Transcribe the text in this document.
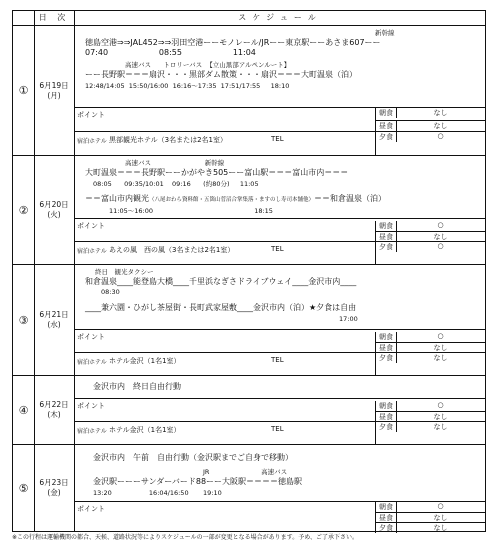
日 次	スケジュール
①	6月19日
(月)
新幹線
徳島空港⇒⇒JAL452⇒⇒羽田空港ーーモノレール/JRーー東京駅ーーあさま607ーー
07:40                    08:55                    11:04
高速バス      トロリーバス  【立山黒部アルペンルート】
ーー長野駅＝＝＝扇沢・・・黒部ダム散策・・・扇沢＝＝＝大町温泉（泊）
12:48/14:05  15:50/16:00  16:16～17:35  17:51/17:55     18:10
ポイント	朝食	なし
昼食	なし
宿泊ホテル 黒部観光ホテル（3名または2名1室）	TEL	夕食	○
②	6月20日
(火)
高速バス                          新幹線
大町温泉＝＝＝長野駅ーーかがやき505ーー富山駅＝＝＝富山市内＝＝＝
08:05      09:35/10:01    09:16      (約80分)     11:05
＝＝富山市内観光（八尾おわら資料館・五箇山菅沼合掌集落・ますのし寿司本舗他）＝＝和倉温泉（泊）
11:05～16:00                                                 18:15
ポイント	朝食	○
昼食	なし
宿泊ホテル あえの風　西の風（3名または2名1室）	TEL	夕食	○
③	6月21日
(水)
終日　観光タクシー
和倉温泉____能登島大橋____千里浜なぎさドライブウェイ____金沢市内____
08:30
____兼六園・ひがし茶屋街・長町武家屋敷____金沢市内（泊）★夕食は自由
17:00
ポイント	朝食	○
昼食	なし
宿泊ホテル ホテル金沢（1名1室）	TEL	夕食	なし
④	6月22日
(木)
金沢市内　終日自由行動
ポイント	朝食	○
昼食	なし
宿泊ホテル ホテル金沢（1名1室）	TEL	夕食	なし
⑤	6月23日
(金)
金沢市内　午前　自由行動（金沢駅までご自身で移動）
JR                         高速バス
金沢駅ーーーサンダーバード88ーー大阪駅＝＝＝＝徳島駅
13:20                  16:04/16:50       19:10
ポイント	朝食	○
昼食	なし
夕食	なし
※この行程は運輸機関の都合、天候、道路状況等によりスケジュールの一部が変更となる場合があります。予め、ご了承下さい。
